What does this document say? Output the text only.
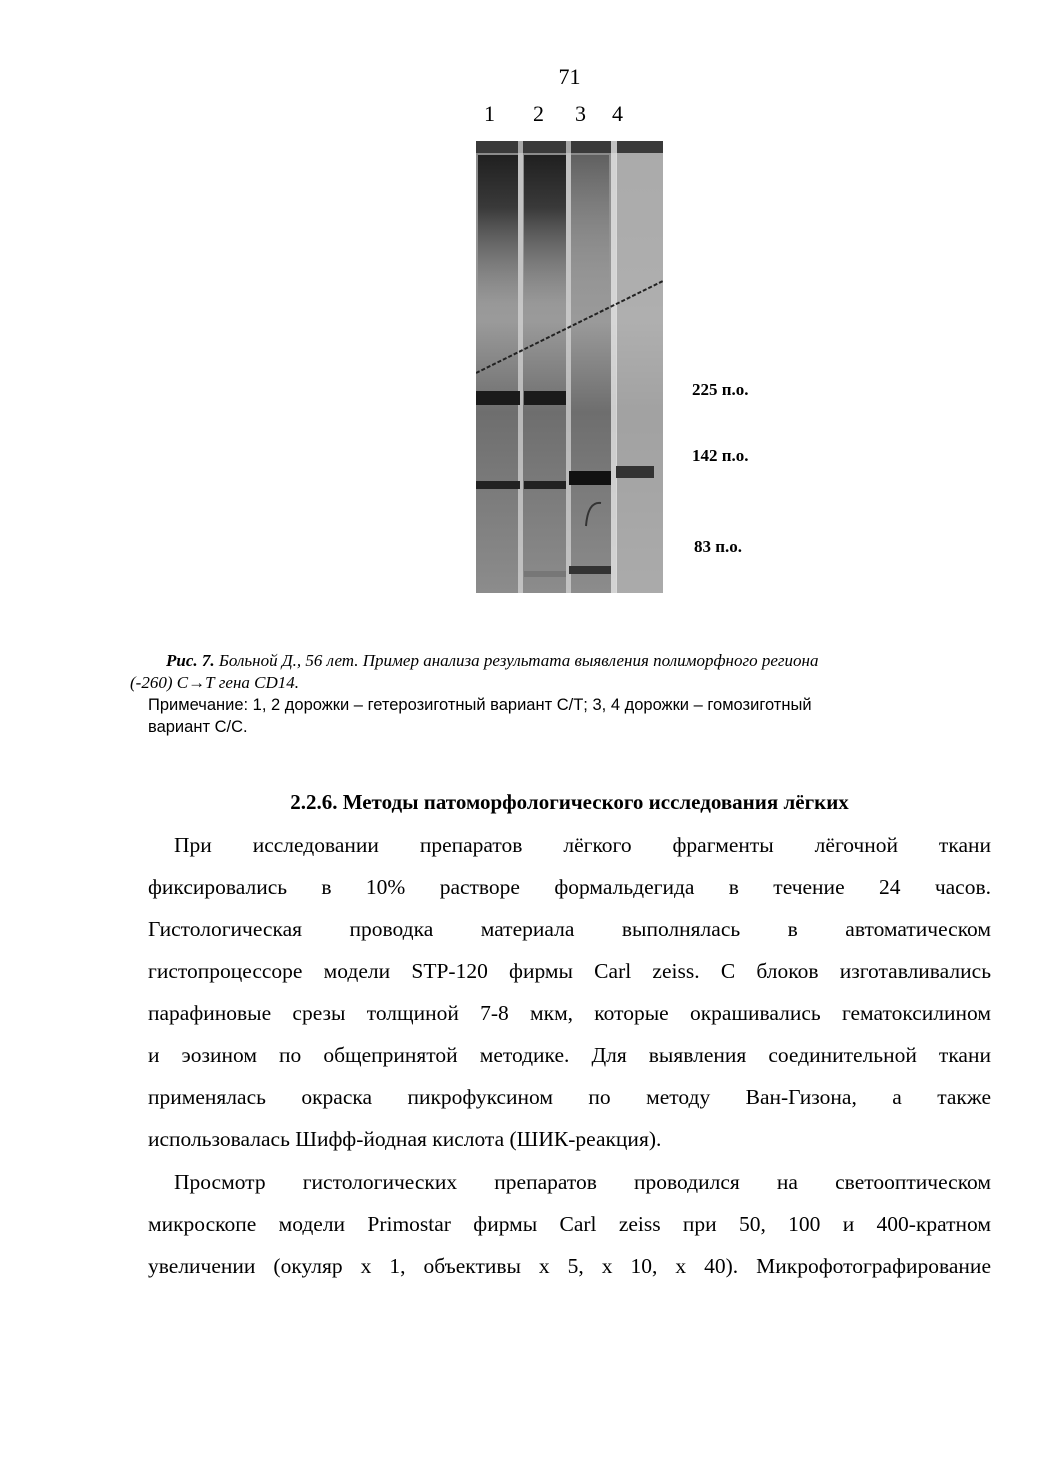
71
1 2 3 4
225 п.о.
142 п.о.
83 п.о.
Рис. 7. Больной Д., 56 лет. Пример анализа результата выявления полиморфного региона
(-260) С→Т гена CD14.
Примечание: 1, 2 дорожки – гетерозиготный вариант С/Т; 3, 4 дорожки – гомозиготный
вариант С/С.
2.2.6. Методы патоморфологического исследования лёгких
При исследовании препаратов лёгкого фрагменты лёгочной ткани
фиксировались в 10% растворе формальдегида в течение 24 часов.
Гистологическая проводка материала выполнялась в автоматическом
гистопроцессоре модели STP-120 фирмы Carl zeiss. С блоков изготавливались
парафиновые срезы толщиной 7-8 мкм, которые окрашивались гематоксилином
и эозином по общепринятой методике. Для выявления соединительной ткани
применялась окраска пикрофуксином по методу Ван-Гизона, а также
использовалась Шифф-йодная кислота (ШИК-реакция).
Просмотр гистологических препаратов проводился на светооптическом
микроскопе модели Primostar фирмы Carl zeiss при 50, 100 и 400-кратном
увеличении (окуляр х 1, объективы х 5, х 10, х 40). Микрофотографирование
